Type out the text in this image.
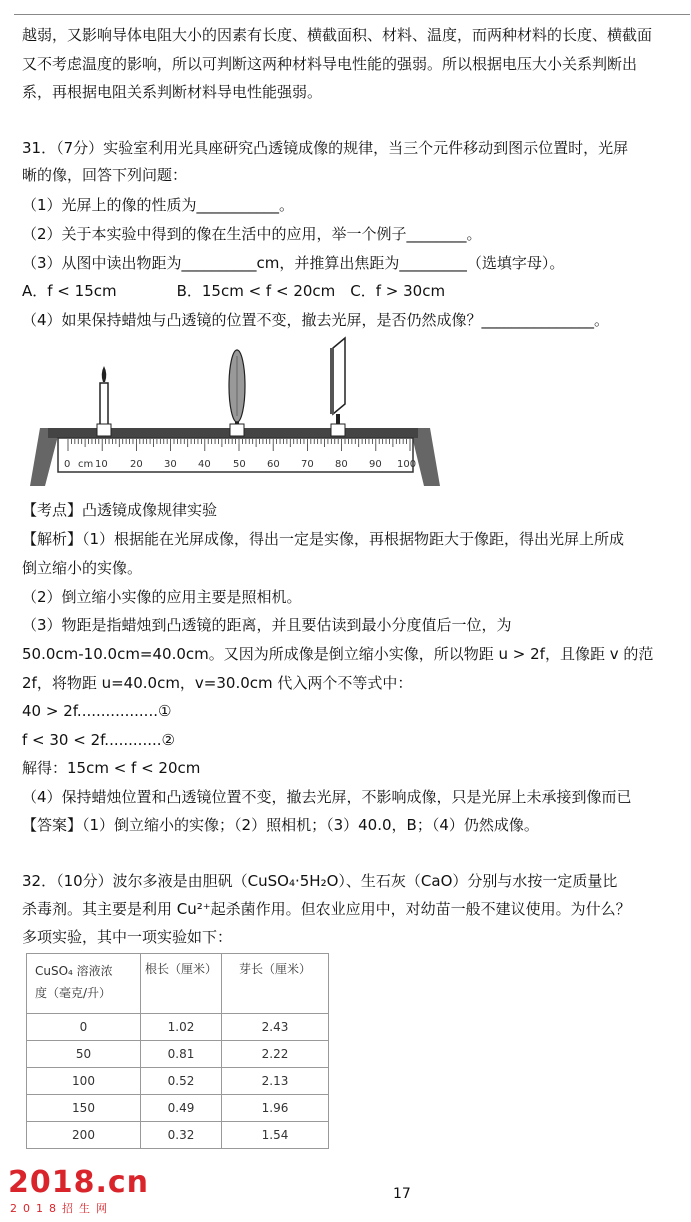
越弱，又影响导体电阻大小的因素有长度、横截面积、材料、温度，而两种材料的长度、横截面
又不考虑温度的影响，所以可判断这两种材料导电性能的强弱。所以根据电压大小关系判断出
系，再根据电阻关系判断材料导电性能强弱。
31．（7分）实验室利用光具座研究凸透镜成像的规律，当三个元件移动到图示位置时，光屏
晰的像，回答下列问题：
（1）光屏上的像的性质为___________。
（2）关于本实验中得到的像在生活中的应用，举一个例子________。
（3）从图中读出物距为__________cm，并推算出焦距为_________（选填字母）。
A．f < 15cm　　　　B．15cm < f < 20cm　C．f > 30cm
（4）如果保持蜡烛与凸透镜的位置不变，撤去光屏，是否仍然成像？_______________。
0 cm 10 20 30 40 50 60 70 80 90 100
【考点】凸透镜成像规律实验
【解析】（1）根据能在光屏成像，得出一定是实像，再根据物距大于像距，得出光屏上所成
倒立缩小的实像。
（2）倒立缩小实像的应用主要是照相机。
（3）物距是指蜡烛到凸透镜的距离，并且要估读到最小分度值后一位，为
50.0cm-10.0cm=40.0cm。又因为所成像是倒立缩小实像，所以物距 u > 2f，且像距 v 的范
2f，将物距 u=40.0cm，v=30.0cm 代入两个不等式中：
40 > 2f.................①
f < 30 < 2f............②
解得：15cm < f < 20cm
（4）保持蜡烛位置和凸透镜位置不变，撤去光屏，不影响成像，只是光屏上未承接到像而已
【答案】（1）倒立缩小的实像；（2）照相机；（3）40.0，B；（4）仍然成像。
32．（10分）波尔多液是由胆矾（CuSO₄·5H₂O）、生石灰（CaO）分别与水按一定质量比
杀毒剂。其主要是利用 Cu²⁺起杀菌作用。但农业应用中，对幼苗一般不建议使用。为什么？
多项实验，其中一项实验如下：
CuSO₄ 溶液浓
度（毫克/升）	根长（厘米）	芽长（厘米）
0	1.02	2.43
50	0.81	2.22
100	0.52	2.13
150	0.49	1.96
200	0.32	1.54
2018.cn
2018招生网
17
